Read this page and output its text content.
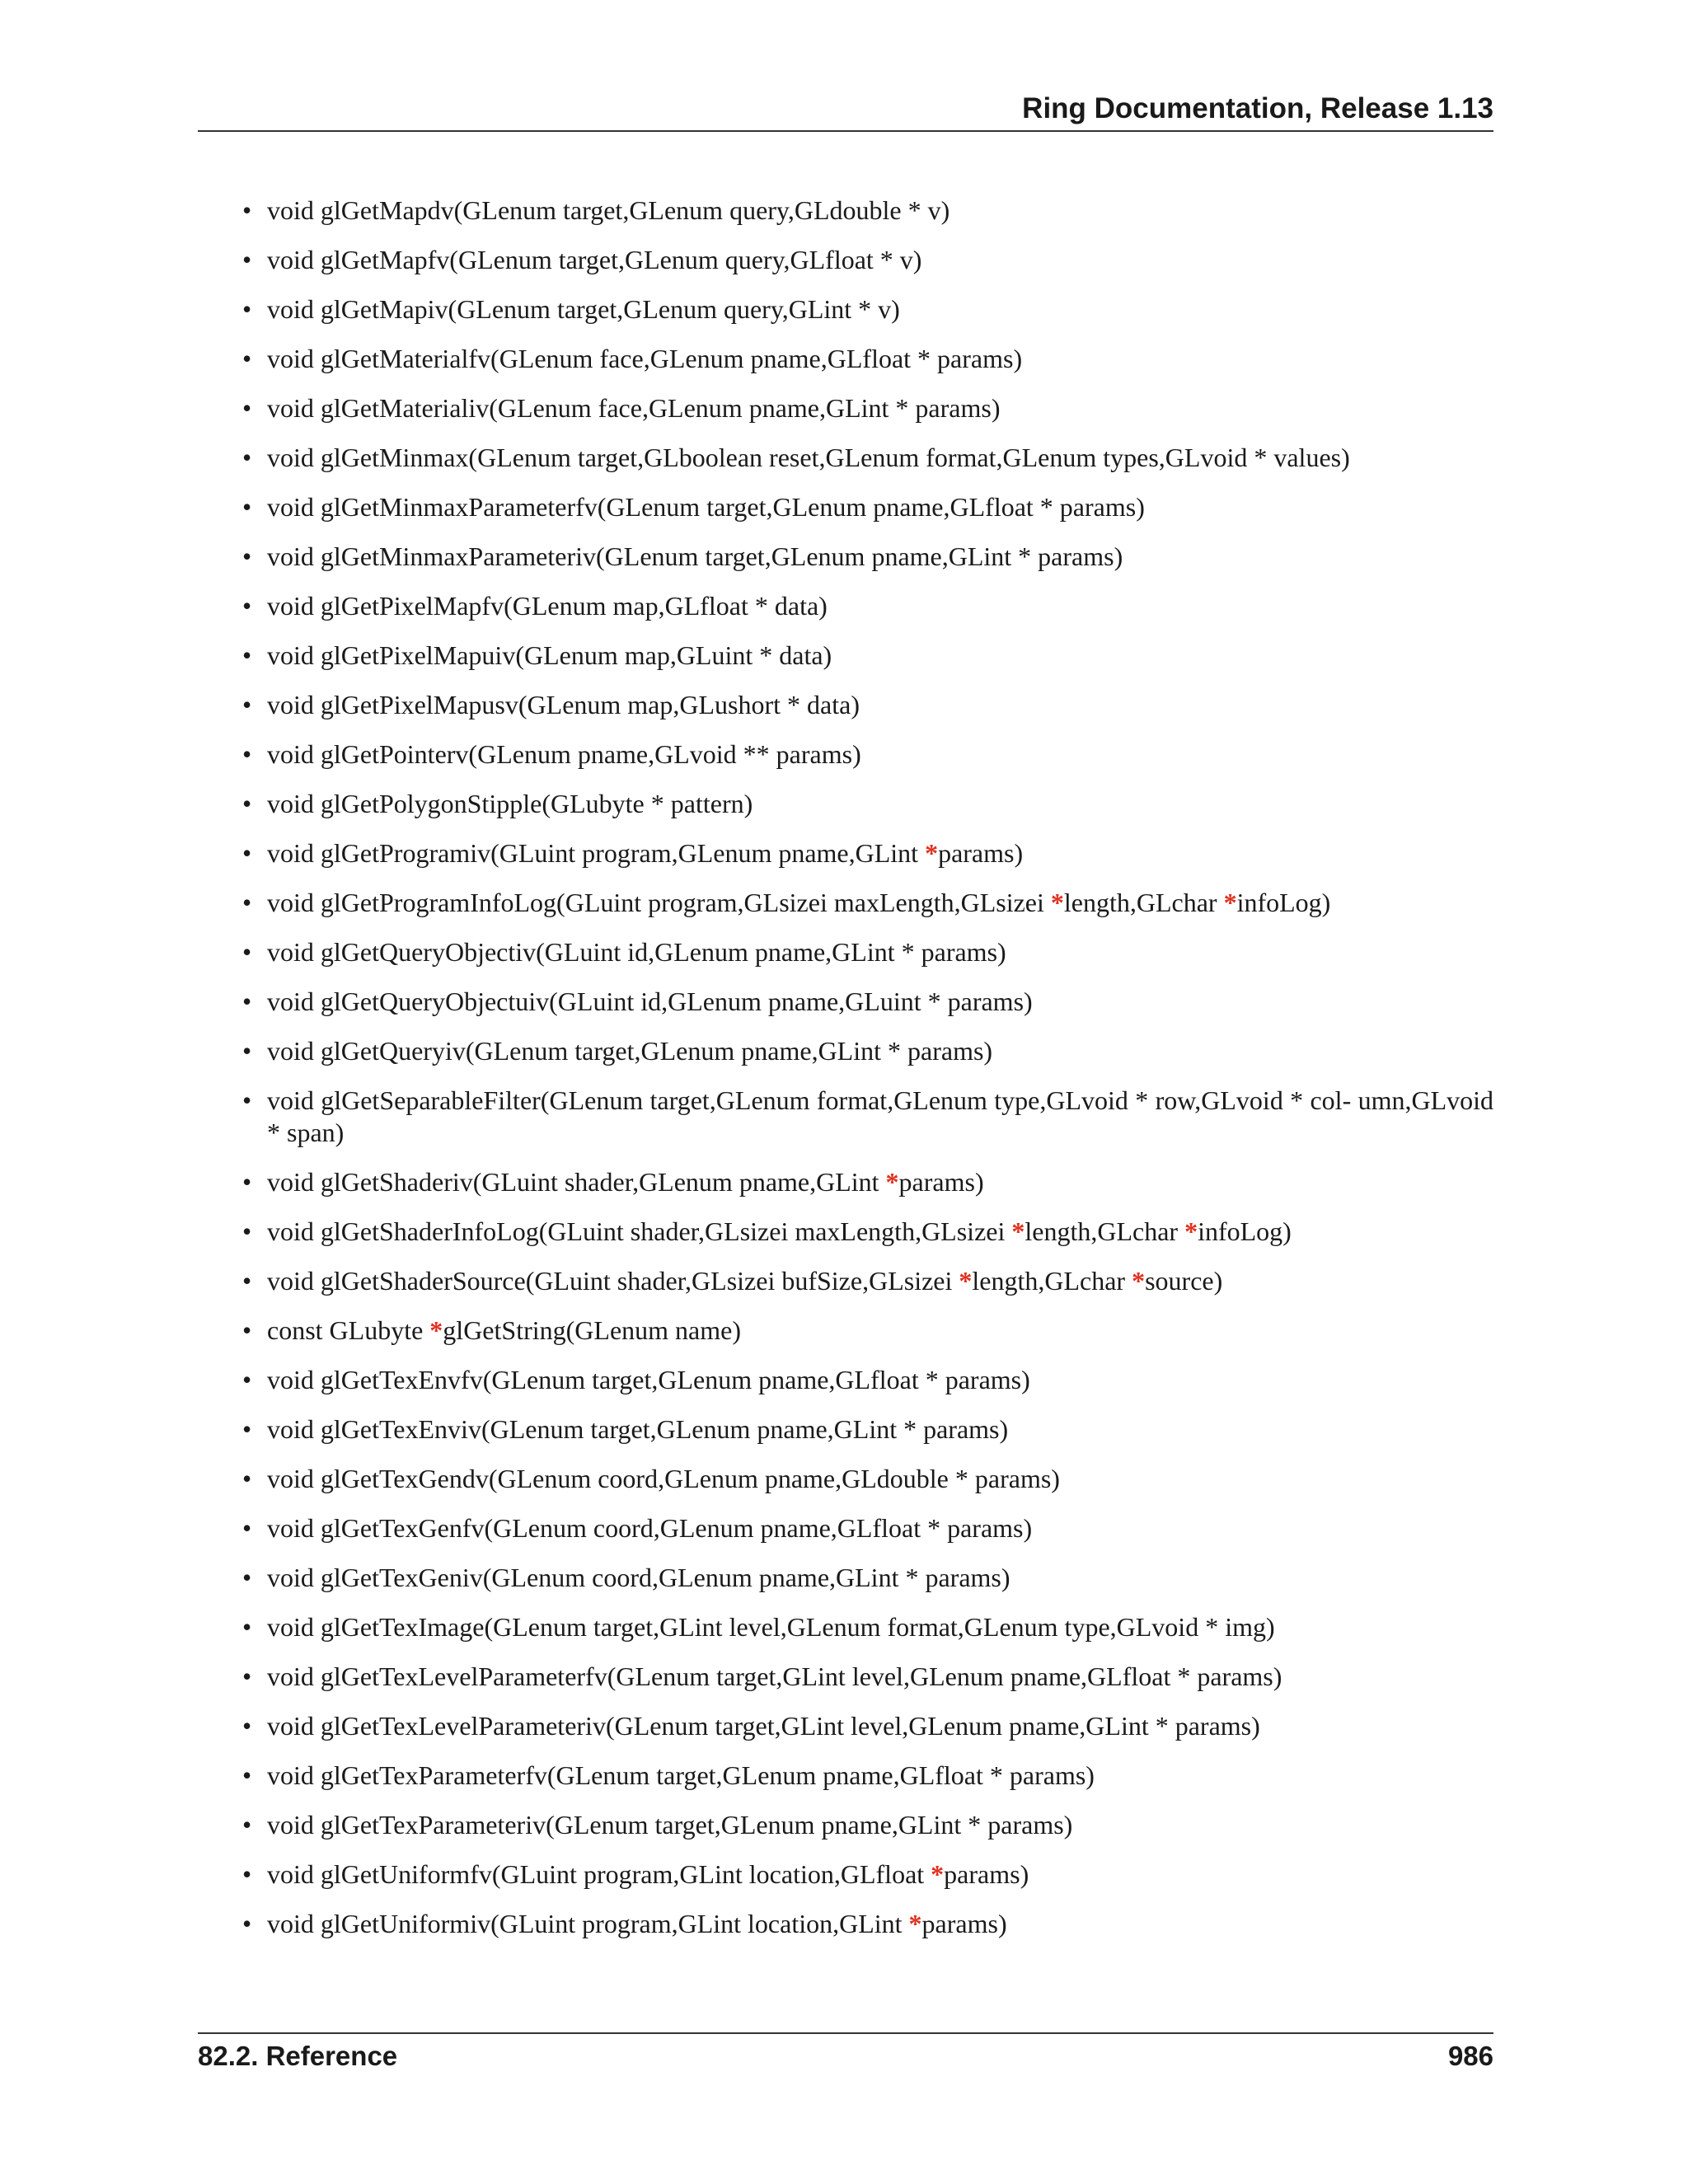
Ring Documentation, Release 1.13
• void glGetMapdv(GLenum target,GLenum query,GLdouble * v)
• void glGetMapfv(GLenum target,GLenum query,GLfloat * v)
• void glGetMapiv(GLenum target,GLenum query,GLint * v)
• void glGetMaterialfv(GLenum face,GLenum pname,GLfloat * params)
• void glGetMaterialiv(GLenum face,GLenum pname,GLint * params)
• void glGetMinmax(GLenum target,GLboolean reset,GLenum format,GLenum types,GLvoid * values)
• void glGetMinmaxParameterfv(GLenum target,GLenum pname,GLfloat * params)
• void glGetMinmaxParameteriv(GLenum target,GLenum pname,GLint * params)
• void glGetPixelMapfv(GLenum map,GLfloat * data)
• void glGetPixelMapuiv(GLenum map,GLuint * data)
• void glGetPixelMapusv(GLenum map,GLushort * data)
• void glGetPointerv(GLenum pname,GLvoid ** params)
• void glGetPolygonStipple(GLubyte * pattern)
• void glGetProgramiv(GLuint program,GLenum pname,GLint *params)
• void glGetProgramInfoLog(GLuint program,GLsizei maxLength,GLsizei *length,GLchar *infoLog)
• void glGetQueryObjectiv(GLuint id,GLenum pname,GLint * params)
• void glGetQueryObjectuiv(GLuint id,GLenum pname,GLuint * params)
• void glGetQueryiv(GLenum target,GLenum pname,GLint * params)
• void glGetSeparableFilter(GLenum target,GLenum format,GLenum type,GLvoid * row,GLvoid * col- umn,GLvoid * span)
• void glGetShaderiv(GLuint shader,GLenum pname,GLint *params)
• void glGetShaderInfoLog(GLuint shader,GLsizei maxLength,GLsizei *length,GLchar *infoLog)
• void glGetShaderSource(GLuint shader,GLsizei bufSize,GLsizei *length,GLchar *source)
• const GLubyte *glGetString(GLenum name)
• void glGetTexEnvfv(GLenum target,GLenum pname,GLfloat * params)
• void glGetTexEnviv(GLenum target,GLenum pname,GLint * params)
• void glGetTexGendv(GLenum coord,GLenum pname,GLdouble * params)
• void glGetTexGenfv(GLenum coord,GLenum pname,GLfloat * params)
• void glGetTexGeniv(GLenum coord,GLenum pname,GLint * params)
• void glGetTexImage(GLenum target,GLint level,GLenum format,GLenum type,GLvoid * img)
• void glGetTexLevelParameterfv(GLenum target,GLint level,GLenum pname,GLfloat * params)
• void glGetTexLevelParameteriv(GLenum target,GLint level,GLenum pname,GLint * params)
• void glGetTexParameterfv(GLenum target,GLenum pname,GLfloat * params)
• void glGetTexParameteriv(GLenum target,GLenum pname,GLint * params)
• void glGetUniformfv(GLuint program,GLint location,GLfloat *params)
• void glGetUniformiv(GLuint program,GLint location,GLint *params)
82.2. Reference	986
